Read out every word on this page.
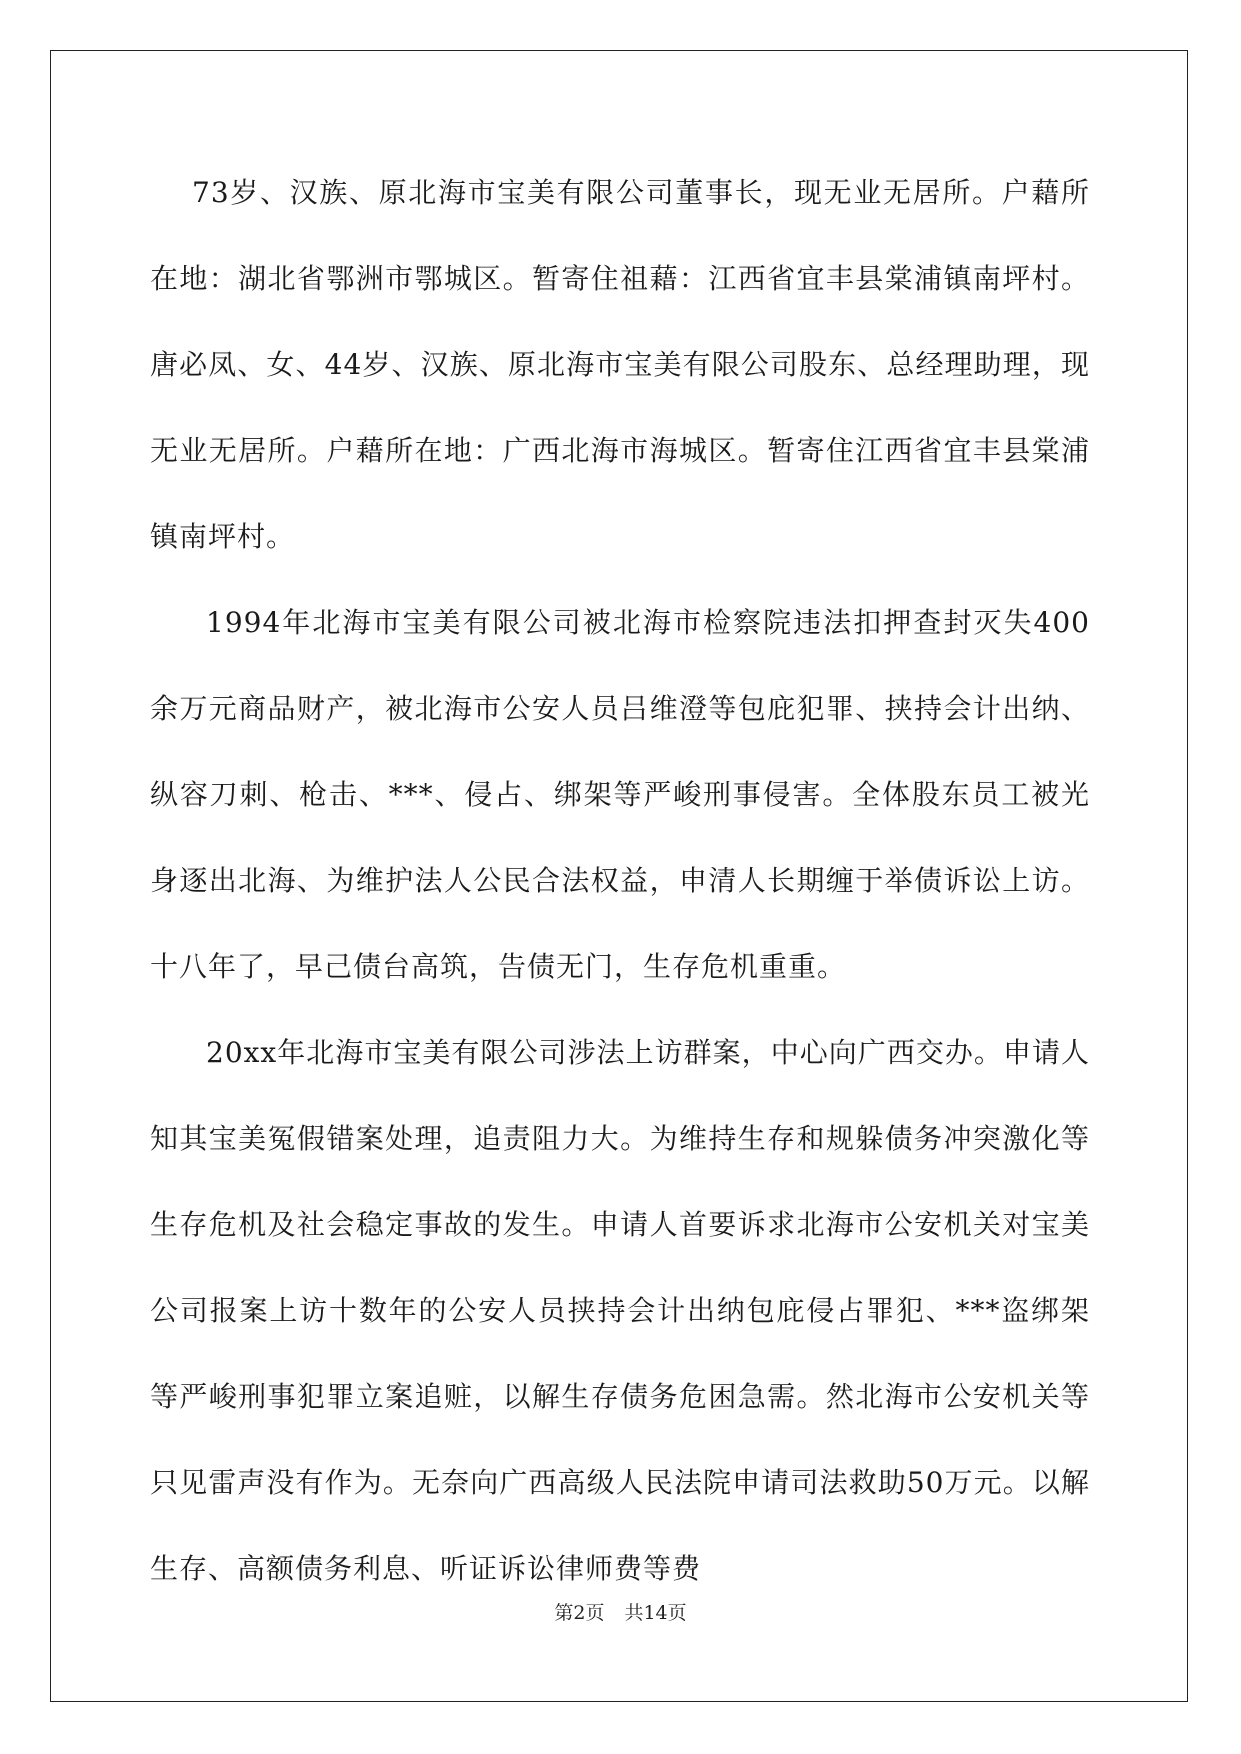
73岁、汉族、原北海市宝美有限公司董事长，现无业无居所。户藉所在地：湖北省鄂洲市鄂城区。暂寄住祖藉：江西省宜丰县棠浦镇南坪村。唐必凤、女、44岁、汉族、原北海市宝美有限公司股东、总经理助理，现无业无居所。户藉所在地：广西北海市海城区。暂寄住江西省宜丰县棠浦镇南坪村。

1994年北海市宝美有限公司被北海市检察院违法扣押查封灭失400余万元商品财产，被北海市公安人员吕维澄等包庇犯罪、挟持会计出纳、纵容刀刺、枪击、***、侵占、绑架等严峻刑事侵害。全体股东员工被光身逐出北海、为维护法人公民合法权益，申清人长期缠于举债诉讼上访。十八年了，早己债台高筑，告债无门，生存危机重重。

20xx年北海市宝美有限公司涉法上访群案，中心向广西交办。申请人知其宝美冤假错案处理，追责阻力大。为维持生存和规躲债务冲突激化等生存危机及社会稳定事故的发生。申请人首要诉求北海市公安机关对宝美公司报案上访十数年的公安人员挟持会计出纳包庇侵占罪犯、***盗绑架等严峻刑事犯罪立案追赃，以解生存债务危困急需。然北海市公安机关等只见雷声没有作为。无奈向广西高级人民法院申请司法救助50万元。以解生存、高额债务利息、听证诉讼律师费等费

第2页 共14页
